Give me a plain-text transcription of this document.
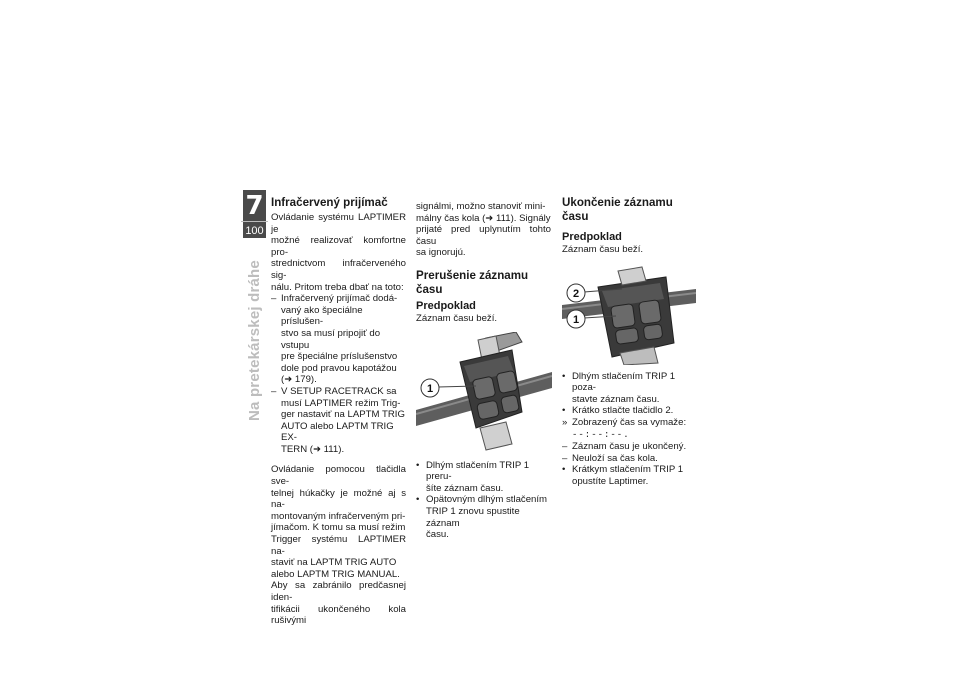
7
100
Na pretekárskej dráhe
Infračervený prijímač

Ovládanie systému LAPTIMER je
možné realizovať komfortne pro-
strednictvom infračerveného sig-
nálu. Pritom treba dbať na toto:

– Infračervený prijímač dodá-
vaný ako špeciálne príslušen-
stvo sa musí pripojiť do vstupu
pre špeciálne príslušenstvo
dole pod pravou kapotážou
(➜ 179).
– V SETUP RACETRACK sa
musí LAPTIMER režim Trig-
ger nastaviť na LAPTM TRIG
AUTO alebo LAPTM TRIG EX-
TERN (➜ 111).

Ovládanie pomocou tlačidla sve-
telnej húkačky je možné aj s na-
montovaným infračerveným pri-
jímačom. K tomu sa musí režim
Trigger systému LAPTIMER na-
staviť na LAPTM TRIG AUTO
alebo LAPTM TRIG MANUAL.
Aby sa zabránilo predčasnej iden-
tifikácii ukončeného kola rušivými

signálmi, možno stanoviť mini-
málny čas kola (➜ 111). Signály
prijaté pred uplynutím tohto času
sa ignorujú.

Prerušenie záznamu času
Predpoklad

Záznam času beží.

1
• Dlhým stlačením TRIP 1 preru-
šíte záznam času.
• Opätovným dlhým stlačením
TRIP 1 znovu spustite záznam
času.
Ukončenie záznamu času
Predpoklad

Záznam času beží.

2
1
• Dlhým stlačením TRIP 1 poza-
stavte záznam času.
• Krátko stlačte tlačidlo 2.
» Zobrazený čas sa vymaže:
--:--:--.
– Záznam času je ukončený.
– Neuloží sa čas kola.
• Krátkym stlačením TRIP 1
opustíte Laptimer.
